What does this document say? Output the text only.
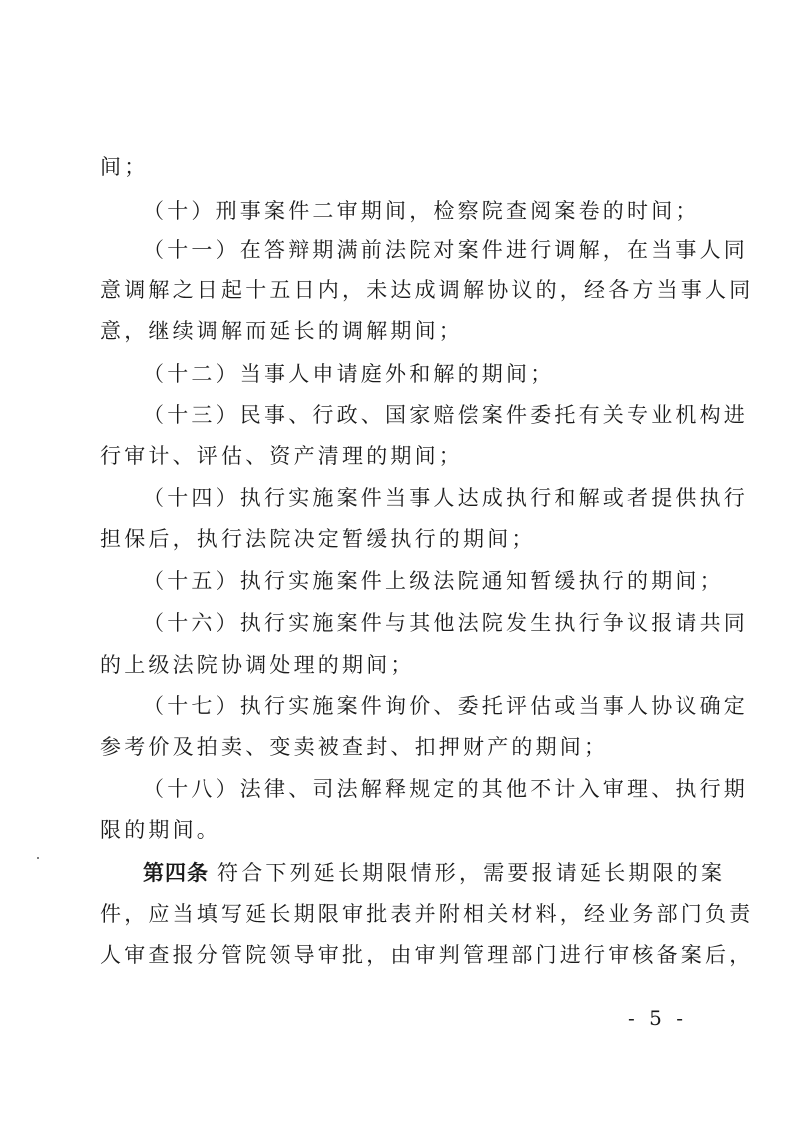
间；
（十）刑事案件二审期间，检察院查阅案卷的时间；
（十一）在答辩期满前法院对案件进行调解，在当事人同
意调解之日起十五日内，未达成调解协议的，经各方当事人同
意，继续调解而延长的调解期间；
（十二）当事人申请庭外和解的期间；
（十三）民事、行政、国家赔偿案件委托有关专业机构进
行审计、评估、资产清理的期间；
（十四）执行实施案件当事人达成执行和解或者提供执行
担保后，执行法院决定暂缓执行的期间；
（十五）执行实施案件上级法院通知暂缓执行的期间；
（十六）执行实施案件与其他法院发生执行争议报请共同
的上级法院协调处理的期间；
（十七）执行实施案件询价、委托评估或当事人协议确定
参考价及拍卖、变卖被查封、扣押财产的期间；
（十八）法律、司法解释规定的其他不计入审理、执行期
限的期间。
第四条 符合下列延长期限情形，需要报请延长期限的案
件，应当填写延长期限审批表并附相关材料，经业务部门负责
人审查报分管院领导审批，由审判管理部门进行审核备案后，
- 5 -
